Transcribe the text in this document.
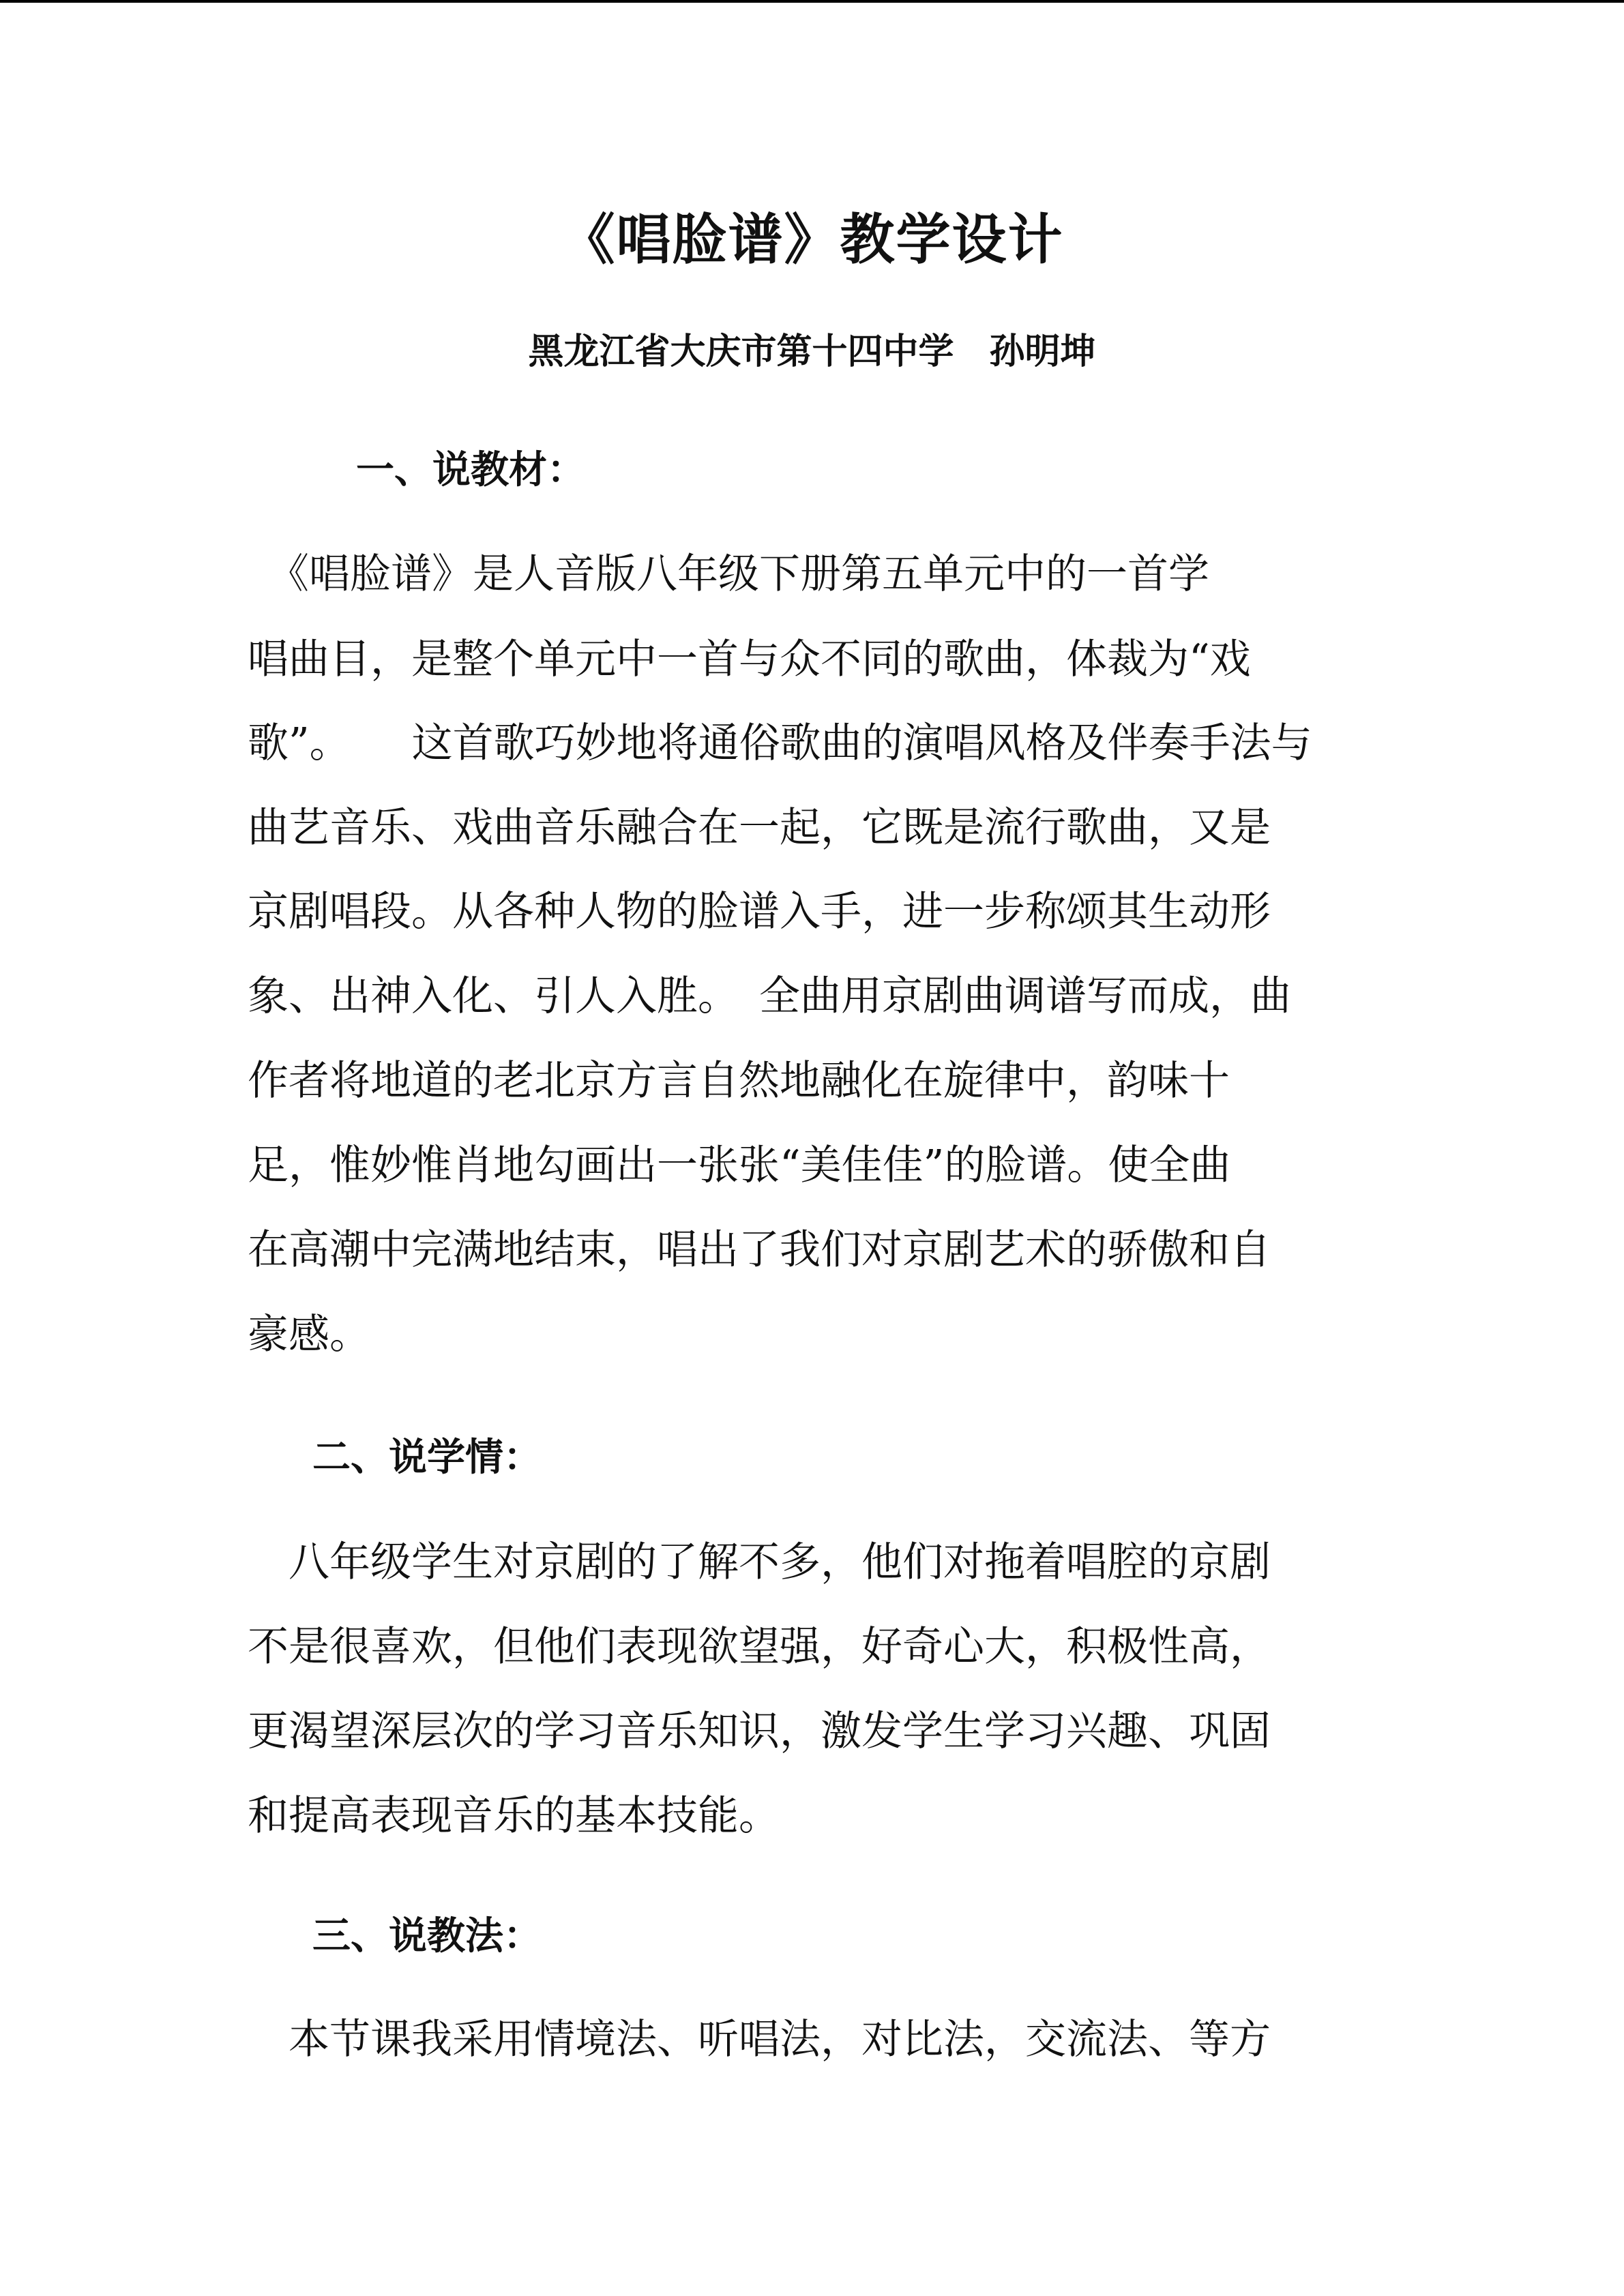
《唱脸谱》教学设计
黑龙江省大庆市第十四中学　孙明坤
一、说教材：
　《唱脸谱》是人音版八年级下册第五单元中的一首学
唱曲目，是整个单元中一首与众不同的歌曲，体裁为“戏
歌”。　　这首歌巧妙地将通俗歌曲的演唱风格及伴奏手法与
曲艺音乐、戏曲音乐融合在一起，它既是流行歌曲，又是
京剧唱段。从各种人物的脸谱入手，进一步称颂其生动形
象、出神入化、引人入胜。　全曲用京剧曲调谱写而成，曲
作者将地道的老北京方言自然地融化在旋律中，韵味十
足，惟妙惟肖地勾画出一张张“美佳佳”的脸谱。使全曲
在高潮中完满地结束，唱出了我们对京剧艺术的骄傲和自
豪感。
二、说学情：
　八年级学生对京剧的了解不多，他们对拖着唱腔的京剧
不是很喜欢，但他们表现欲望强，好奇心大，积极性高，
更渴望深层次的学习音乐知识，激发学生学习兴趣、巩固
和提高表现音乐的基本技能。
三、说教法：
　本节课我采用情境法、听唱法，对比法，交流法、等方
